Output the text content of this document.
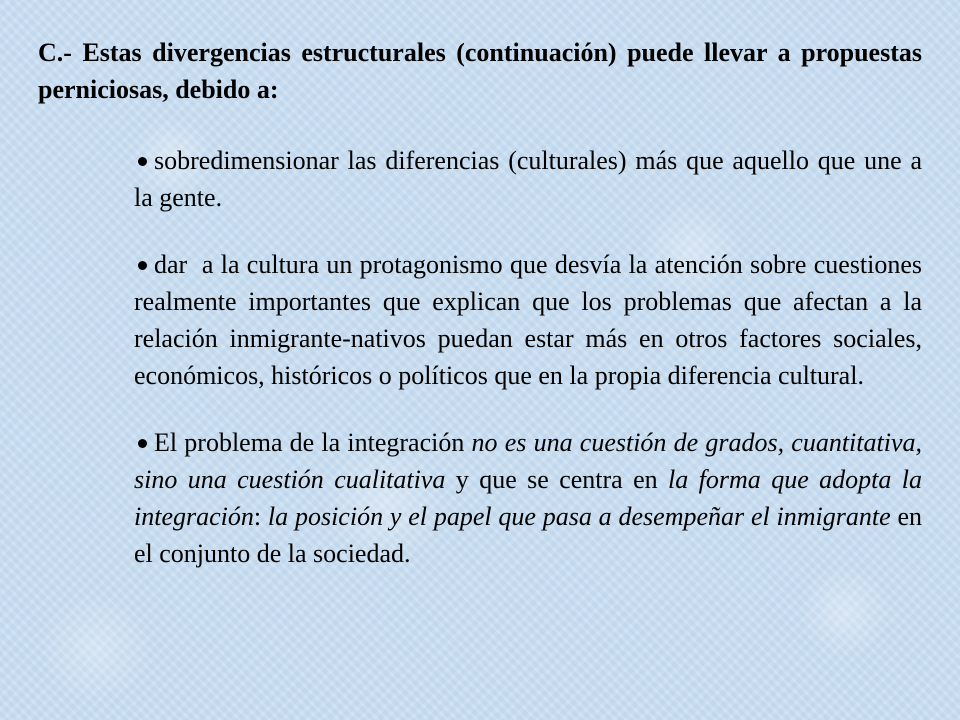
C.- Estas divergencias estructurales (continuación) puede llevar a propuestas perniciosas, debido a:

sobredimensionar las diferencias (culturales) más que aquello que une a la gente.
dar  a la cultura un protagonismo que desvía la atención sobre cuestiones realmente importantes que explican que los problemas que afectan a la relación inmigrante-nativos puedan estar más en otros factores sociales, económicos, históricos o políticos que en la propia diferencia cultural.
El problema de la integración no es una cuestión de grados, cuantitativa, sino una cuestión cualitativa y que se centra en la forma que adopta la integración: la posición y el papel que pasa a desempeñar el inmigrante en el conjunto de la sociedad.
